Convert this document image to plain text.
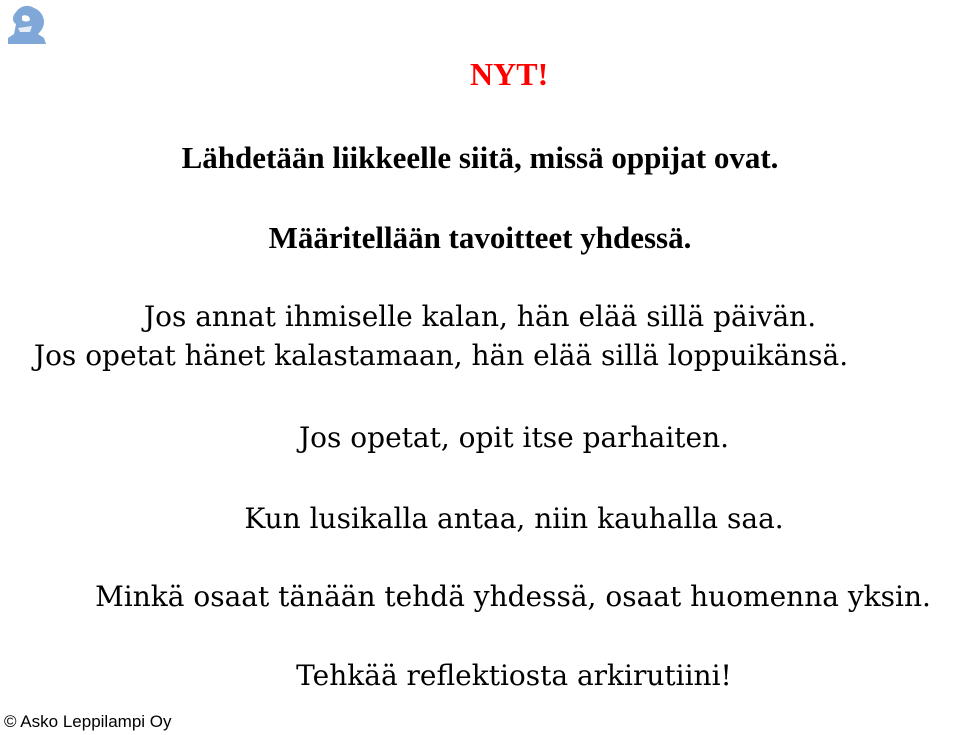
NYT!
Lähdetään liikkeelle siitä, missä oppijat ovat.
Määritellään tavoitteet yhdessä.
Jos annat ihmiselle kalan, hän elää sillä päivän.
Jos opetat hänet kalastamaan, hän elää sillä loppuikänsä.
Jos opetat, opit itse parhaiten.
Kun lusikalla antaa, niin kauhalla saa.
Minkä osaat tänään tehdä yhdessä, osaat huomenna yksin.
Tehkää reflektiosta arkirutiini!
© Asko Leppilampi Oy
